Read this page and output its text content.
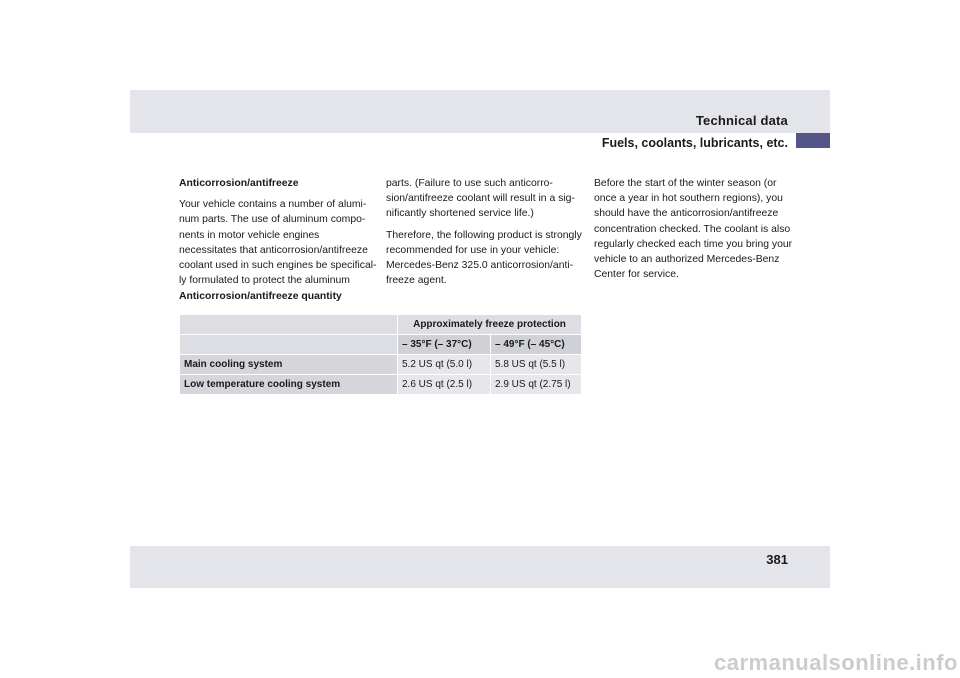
Technical data
Fuels, coolants, lubricants, etc.
Anticorrosion/antifreeze

Your vehicle contains a number of alumi-num parts. The use of aluminum compo-nents in motor vehicle engines necessitates that anticorrosion/antifreeze coolant used in such engines be specifical-ly formulated to protect the aluminum

parts. (Failure to use such anticorro-sion/antifreeze coolant will result in a sig-nificantly shortened service life.)

Therefore, the following product is strongly recommended for use in your vehicle: Mercedes-Benz 325.0 anticorrosion/anti-freeze agent.

Before the start of the winter season (or once a year in hot southern regions), you should have the anticorrosion/antifreeze concentration checked. The coolant is also regularly checked each time you bring your vehicle to an authorized Mercedes-Benz Center for service.

Anticorrosion/antifreeze quantity
	Approximately freeze protection	
	– 35°F (– 37°C)	– 49°F (– 45°C)
Main cooling system	5.2 US qt (5.0 l)	5.8 US qt (5.5 l)
Low temperature cooling system	2.6 US qt (2.5 l)	2.9 US qt (2.75 l)
381
carmanualsonline.info
